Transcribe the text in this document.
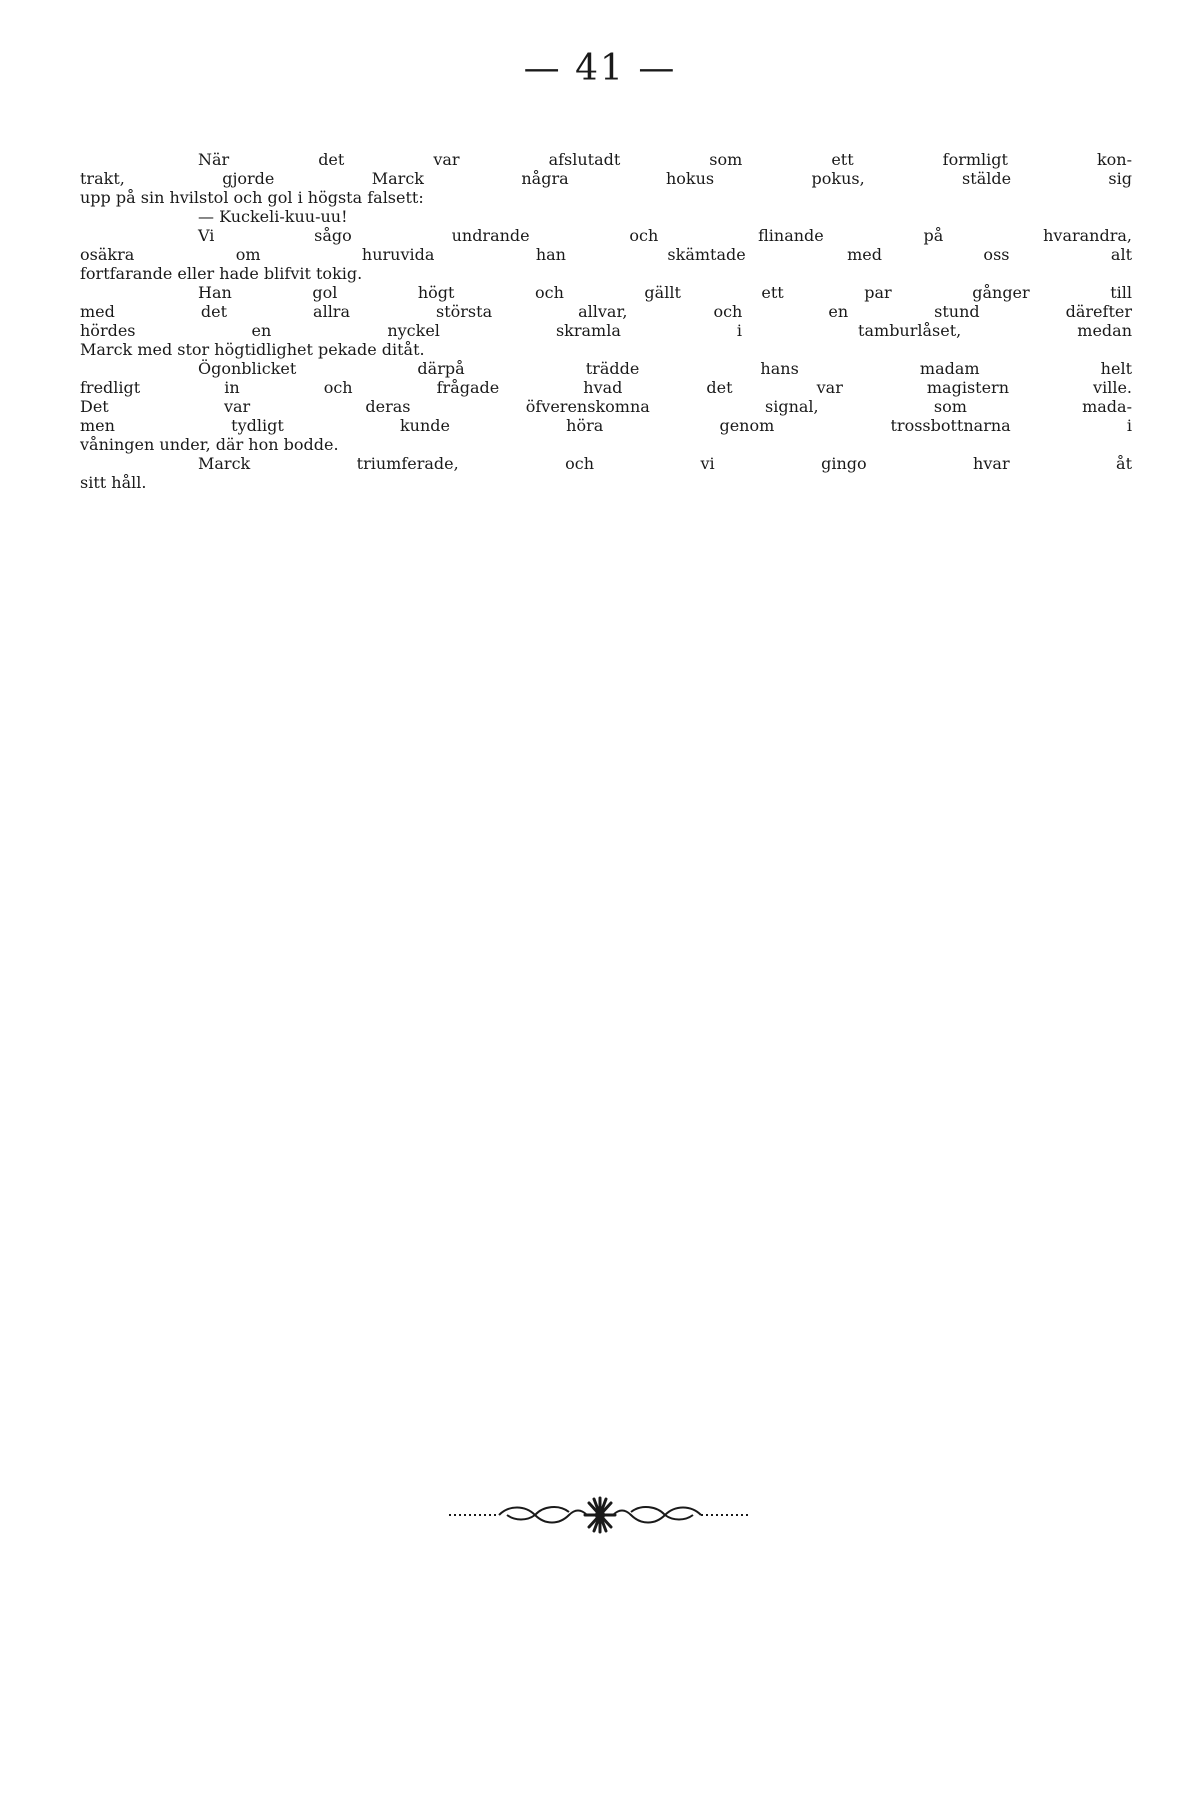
— 41 —
När det var afslutadt som ett formligt kon-
trakt, gjorde Marck några hokus pokus, stälde sig
upp på sin hvilstol och gol i högsta falsett:
— Kuckeli-kuu-uu!
Vi sågo undrande och flinande på hvarandra,
osäkra om huruvida han skämtade med oss alt
fortfarande eller hade blifvit tokig.
Han gol högt och gällt ett par gånger till
med det allra största allvar, och en stund därefter
hördes en nyckel skramla i tamburlåset, medan
Marck med stor högtidlighet pekade ditåt.
Ögonblicket därpå trädde hans madam helt
fredligt in och frågade hvad det var magistern ville.
Det var deras öfverenskomna signal, som mada-
men tydligt kunde höra genom trossbottnarna i
våningen under, där hon bodde.
Marck triumferade, och vi gingo hvar åt
sitt håll.
